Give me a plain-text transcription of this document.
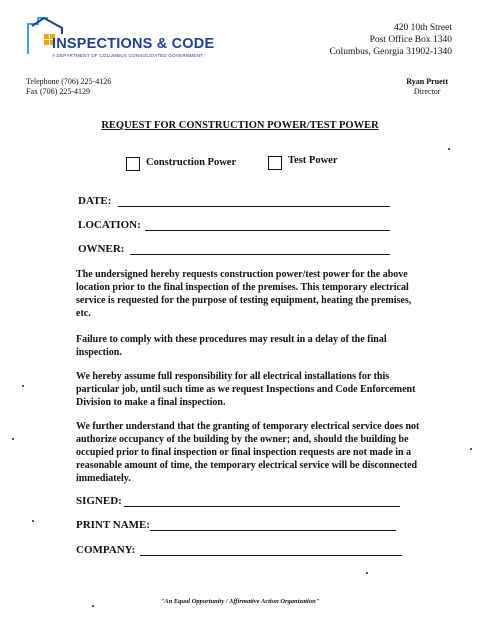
INSPECTIONS & CODE
A DEPARTMENT OF COLUMBUS CONSOLIDATED GOVERNMENT
420 10th Street
Post Office Box 1340
Columbus, Georgia 31902-1340
Telephone (706) 225-4126
Fax (706) 225-4129
Ryan Pruett
Director
REQUEST FOR CONSTRUCTION POWER/TEST POWER
Construction Power	Test Power
DATE:
LOCATION:
OWNER:
The undersigned hereby requests construction power/test power for the above location prior to the final inspection of the premises. This temporary electrical service is requested for the purpose of testing equipment, heating the premises, etc.
Failure to comply with these procedures may result in a delay of the final inspection.
We hereby assume full responsibility for all electrical installations for this particular job, until such time as we request Inspections and Code Enforcement Division to make a final inspection.
We further understand that the granting of temporary electrical service does not authorize occupancy of the building by the owner; and, should the building be occupied prior to final inspection or final inspection requests are not made in a reasonable amount of time, the temporary electrical service will be disconnected immediately.
SIGNED:
PRINT NAME:
COMPANY:
"An Equal Opportunity / Affirmative Action Organization"
